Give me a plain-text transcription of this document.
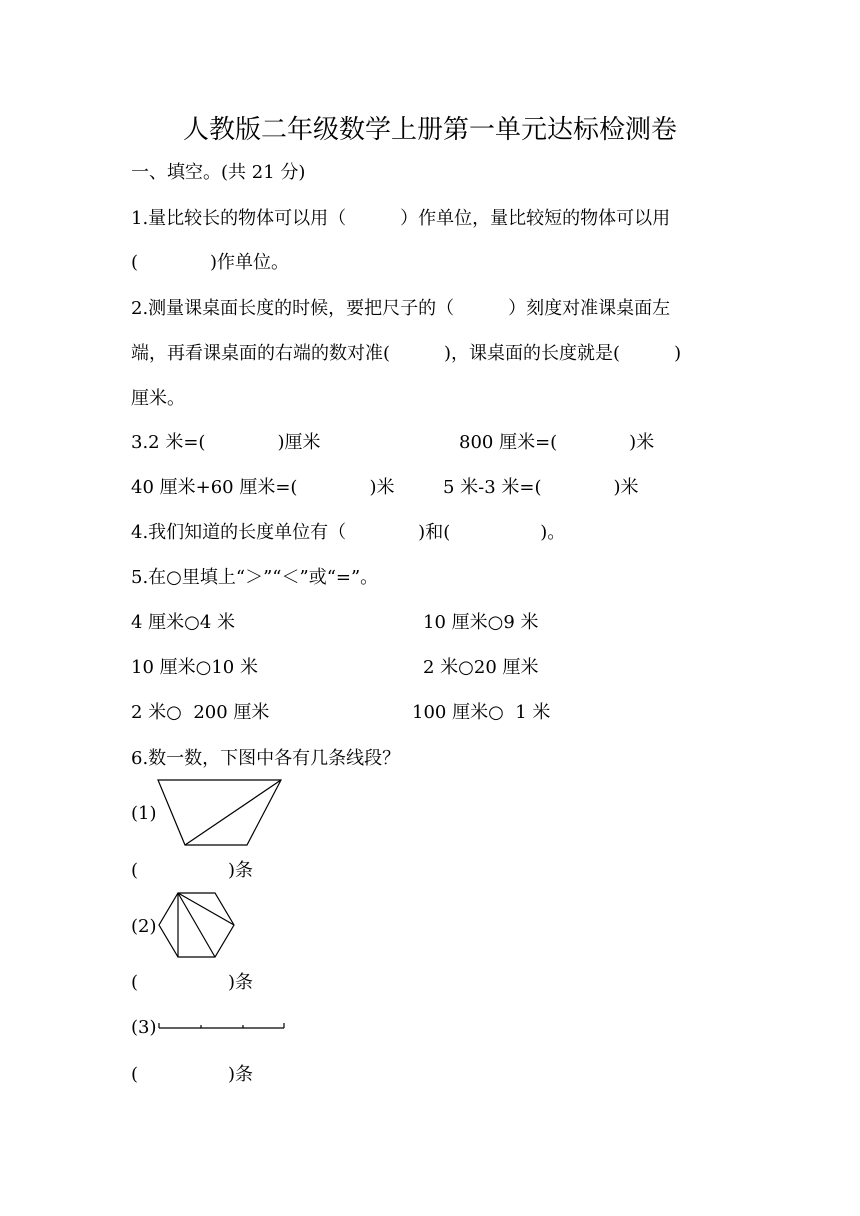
人教版二年级数学上册第一单元达标检测卷
一、填空。(共 21 分)
1.量比较长的物体可以用（　　　）作单位，量比较短的物体可以用
(　　　　)作单位。
2.测量课桌面长度的时候，要把尺子的（　　　）刻度对准课桌面左
端，再看课桌面的右端的数对准(　　　)，课桌面的长度就是(　　　)
厘米。
3.2 米=(　　　　)厘米	800 厘米=(　　　　)米
40 厘米+60 厘米=(　　　　)米	5 米-3 米=(　　　　)米
4.我们知道的长度单位有（　　　　)和(　　　　　)。
5.在○里填上“＞”“＜”或“=”。
4 厘米○4 米	10 厘米○9 米
10 厘米○10 米	2 米○20 厘米
2 米○  200 厘米	100 厘米○  1 米
6.数一数，下图中各有几条线段？
(1)
(　　　　　)条
(2)
(　　　　　)条
(3)
(　　　　　)条
